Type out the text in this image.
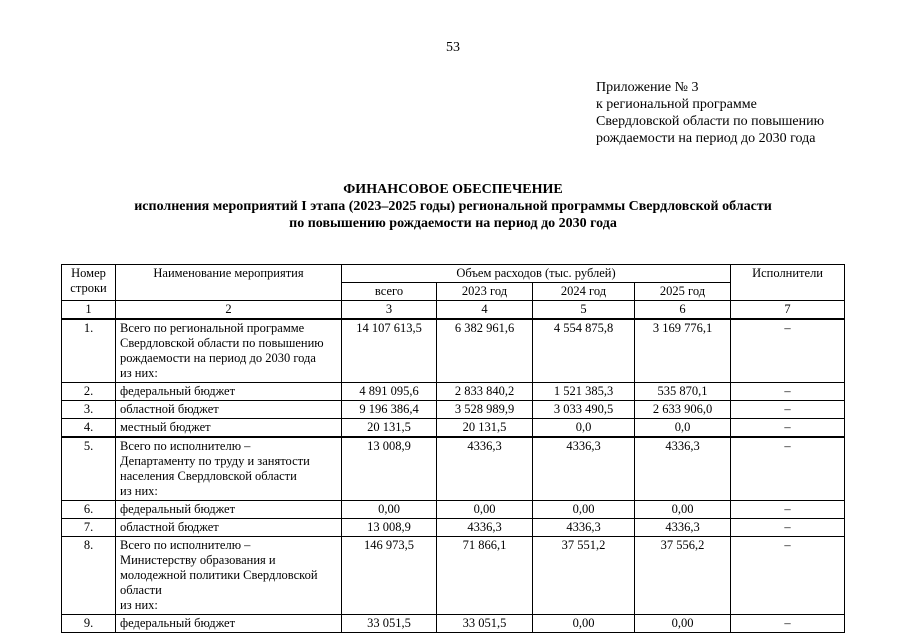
53
Приложение № 3
к региональной программе
Свердловской области по повышению
рождаемости на период до 2030 года
ФИНАНСОВОЕ ОБЕСПЕЧЕНИЕ
исполнения мероприятий I этапа (2023–2025 годы) региональной программы Свердловской области
по повышению рождаемости на период до 2030 года
Номер строки	Наименование мероприятия	Объем расходов (тыс. рублей)				Исполнители
		всего	2023 год	2024 год	2025 год	
1	2	3	4	5	6	7
1.	Всего по региональной программе
Свердловской области по повышению
рождаемости на период до 2030 года
из них:	14 107 613,5	6 382 961,6	4 554 875,8	3 169 776,1	–
2.	федеральный бюджет	4 891 095,6	2 833 840,2	1 521 385,3	535 870,1	–
3.	областной бюджет	9 196 386,4	3 528 989,9	3 033 490,5	2 633 906,0	–
4.	местный бюджет	20 131,5	20 131,5	0,0	0,0	–
5.	Всего по исполнителю –
Департаменту по труду и занятости
населения Свердловской области
из них:	13 008,9	4336,3	4336,3	4336,3	–
6.	федеральный бюджет	0,00	0,00	0,00	0,00	–
7.	областной бюджет	13 008,9	4336,3	4336,3	4336,3	–
8.	Всего по исполнителю –
Министерству образования и
молодежной политики Свердловской
области
из них:	146 973,5	71 866,1	37 551,2	37 556,2	–
9.	федеральный бюджет	33 051,5	33 051,5	0,00	0,00	–
